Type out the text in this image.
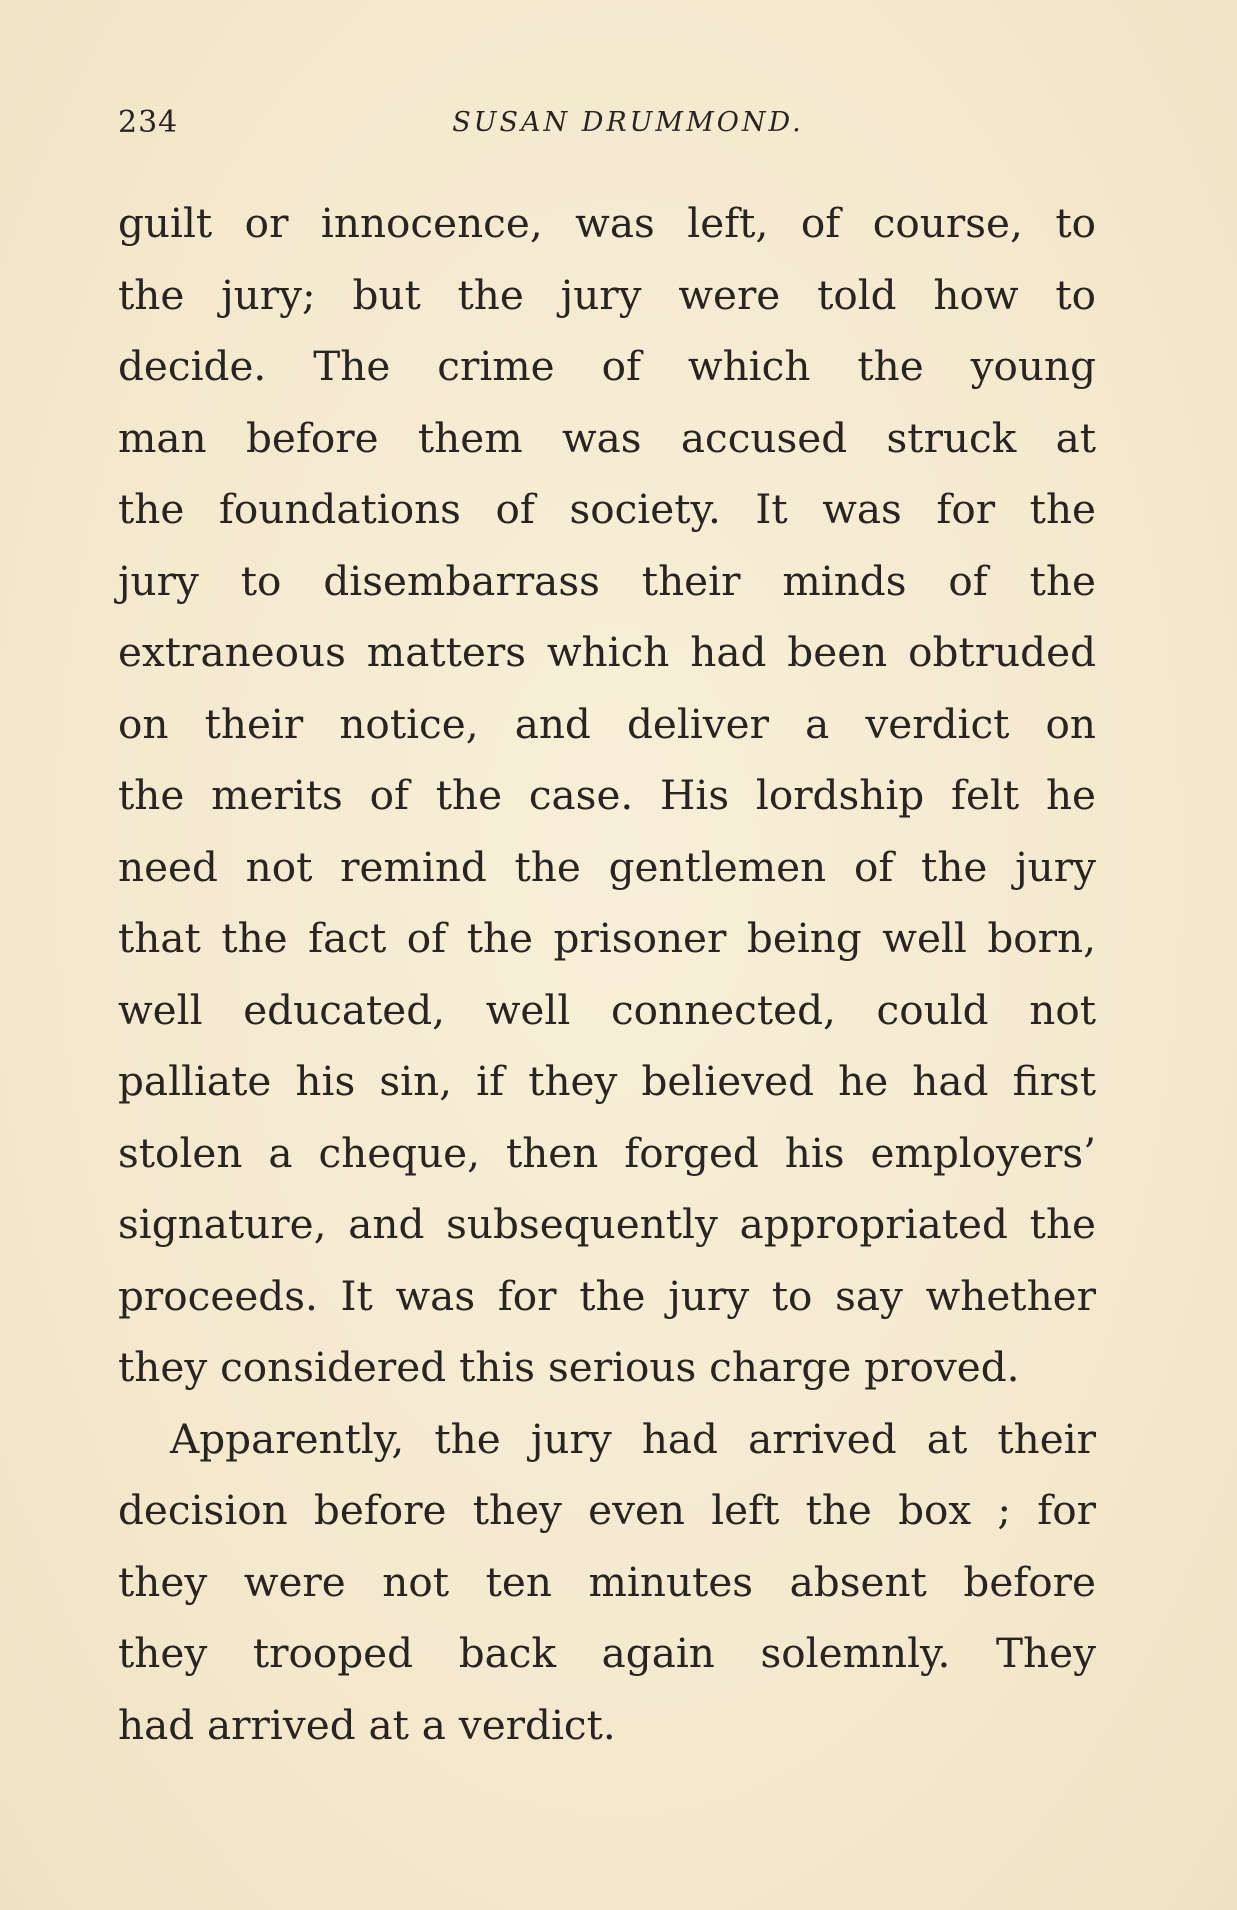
234	SUSAN DRUMMOND.
guilt or innocence, was left, of course, to
the jury; but the jury were told how to
decide. The crime of which the young
man before them was accused struck at
the foundations of society. It was for the
jury to disembarrass their minds of the
extraneous matters which had been obtruded
on their notice, and deliver a verdict on
the merits of the case. His lordship felt he
need not remind the gentlemen of the jury
that the fact of the prisoner being well born,
well educated, well connected, could not
palliate his sin, if they believed he had first
stolen a cheque, then forged his employers’
signature, and subsequently appropriated the
proceeds. It was for the jury to say whether
they considered this serious charge proved.
Apparently, the jury had arrived at their
decision before they even left the box ; for
they were not ten minutes absent before
they trooped back again solemnly. They
had arrived at a verdict.
